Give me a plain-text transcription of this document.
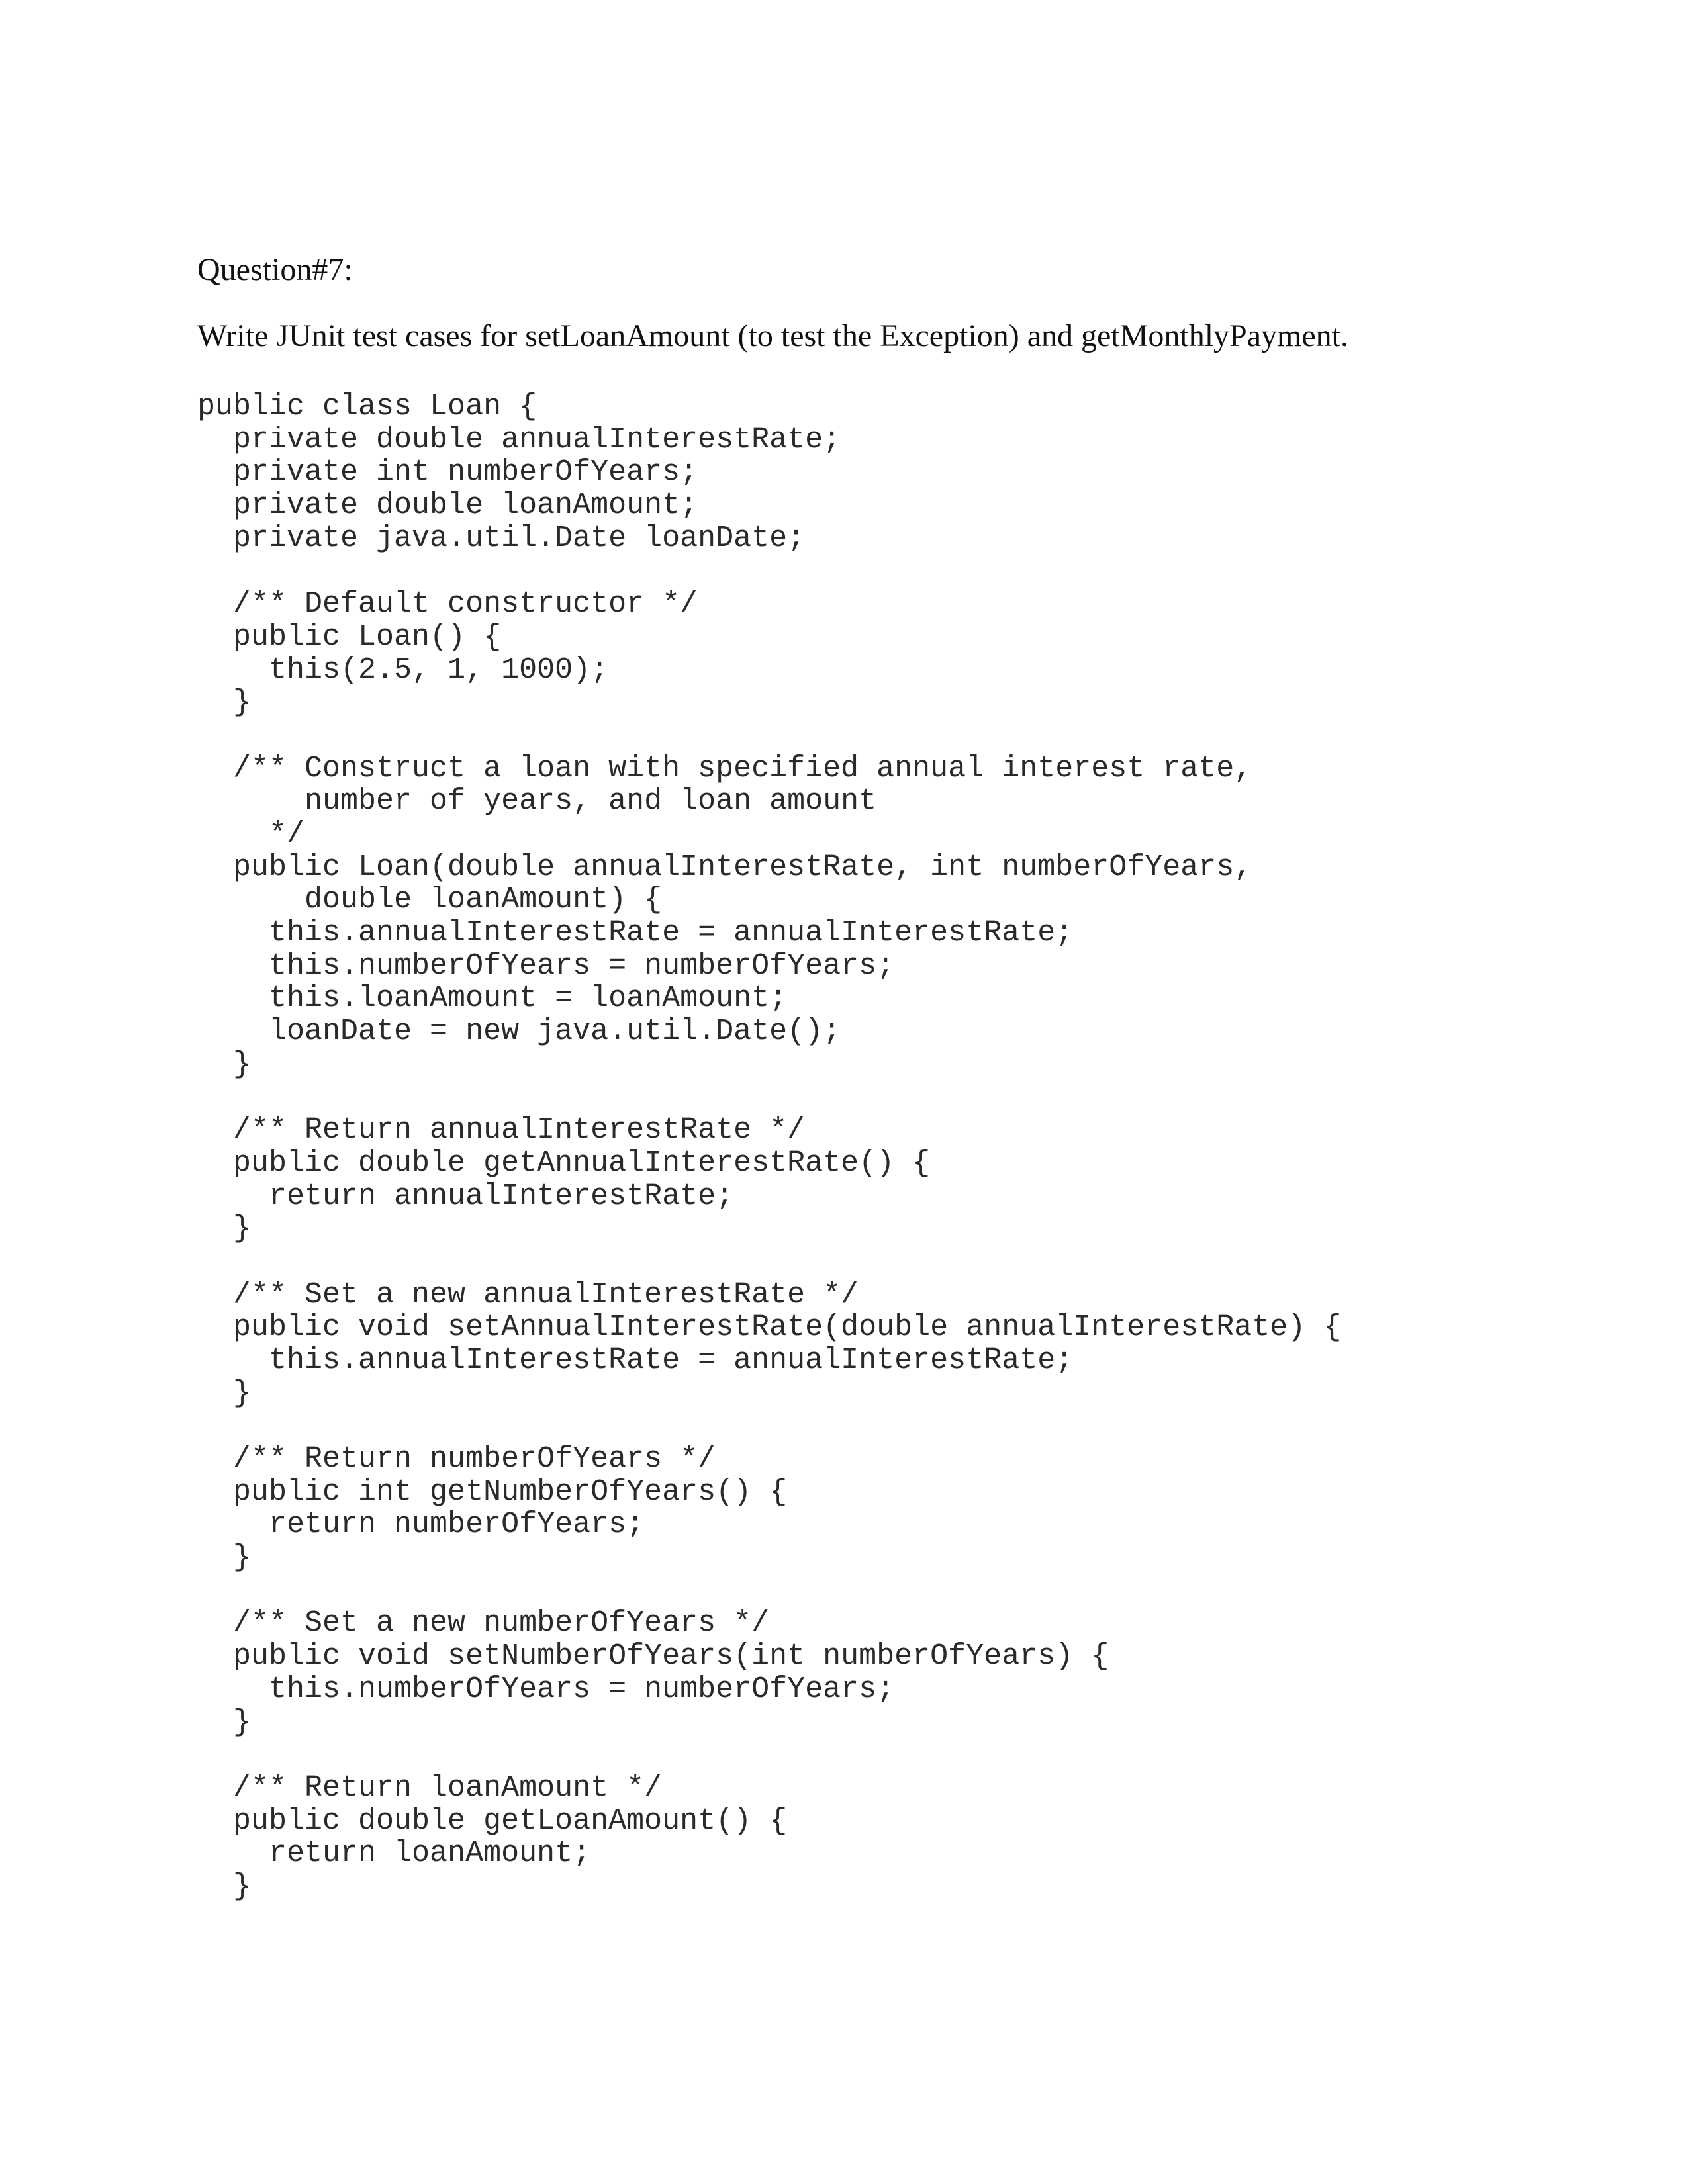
Question#7:
Write JUnit test cases for setLoanAmount (to test the Exception) and getMonthlyPayment.
public class Loan {
private double annualInterestRate;
private int numberOfYears;
private double loanAmount;
private java.util.Date loanDate;
/** Default constructor */
public Loan() {
this(2.5, 1, 1000);
}
/** Construct a loan with specified annual interest rate,
number of years, and loan amount
*/
public Loan(double annualInterestRate, int numberOfYears,
double loanAmount) {
this.annualInterestRate = annualInterestRate;
this.numberOfYears = numberOfYears;
this.loanAmount = loanAmount;
loanDate = new java.util.Date();
}
/** Return annualInterestRate */
public double getAnnualInterestRate() {
return annualInterestRate;
}
/** Set a new annualInterestRate */
public void setAnnualInterestRate(double annualInterestRate) {
this.annualInterestRate = annualInterestRate;
}
/** Return numberOfYears */
public int getNumberOfYears() {
return numberOfYears;
}
/** Set a new numberOfYears */
public void setNumberOfYears(int numberOfYears) {
this.numberOfYears = numberOfYears;
}
/** Return loanAmount */
public double getLoanAmount() {
return loanAmount;
}
